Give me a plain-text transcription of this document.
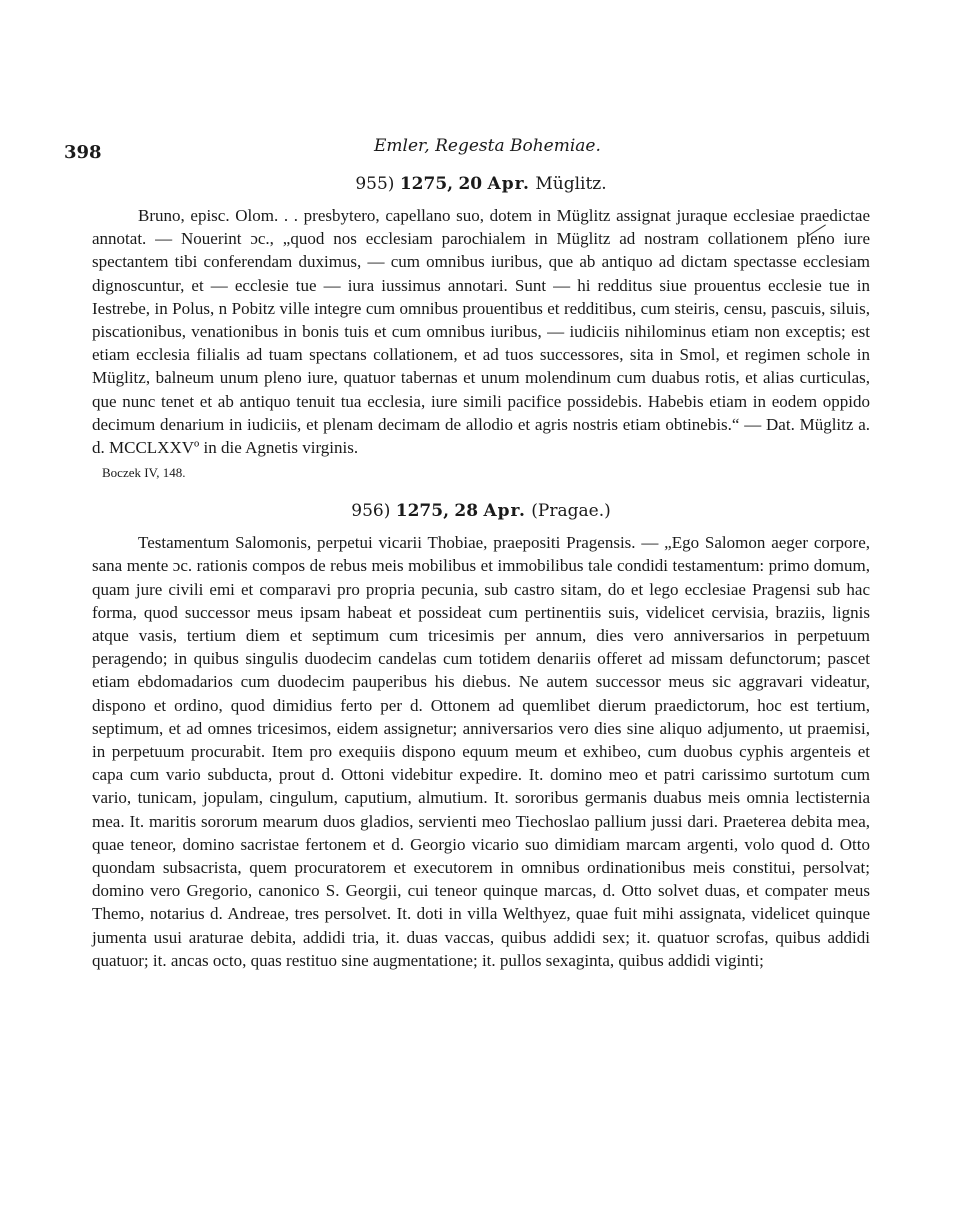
398	Emler, Regesta Bohemiae.
955) 1275, 20 Apr. Müglitz.

Bruno, episc. Olom. . . presbytero, capellano suo, dotem in Müglitz assignat juraque ecclesiae praedictae annotat. — Nouerint ɔc., „quod nos ecclesiam parochialem in Müglitz ad nostram collationem pleno iure spectantem tibi conferendam duximus, — cum omnibus iuribus, que ab antiquo ad dictam spectasse ecclesiam dignoscuntur, et — ecclesie tue — iura iussimus annotari. Sunt — hi redditus siue prouentus ecclesie tue in Iestrebe, in Polus, n Pobitz ville integre cum omnibus prouentibus et redditibus, cum steiris, censu, pascuis, siluis, piscationibus, venationibus in bonis tuis et cum omnibus iuribus, — iudiciis nihilominus etiam non exceptis; est etiam ecclesia filialis ad tuam spectans collationem, et ad tuos successores, sita in Smol, et regimen schole in Müglitz, balneum unum pleno iure, quatuor tabernas et unum molendinum cum duabus rotis, et alias curticulas, que nunc tenet et ab antiquo tenuit tua ecclesia, iure simili pacifice possidebis. Habebis etiam in eodem oppido decimum denarium in iudiciis, et plenam decimam de allodio et agris nostris etiam obtinebis.“ — Dat. Müglitz a. d. MCCLXXVº in die Agnetis virginis.

Boczek IV, 148.
956) 1275, 28 Apr. (Pragae.)

Testamentum Salomonis, perpetui vicarii Thobiae, praepositi Pragensis. — „Ego Salomon aeger corpore, sana mente ɔc. rationis compos de rebus meis mobilibus et immobilibus tale condidi testamentum: primo domum, quam jure civili emi et comparavi pro propria pecunia, sub castro sitam, do et lego ecclesiae Pragensi sub hac forma, quod successor meus ipsam habeat et possideat cum pertinentiis suis, videlicet cervisia, braziis, lignis atque vasis, tertium diem et septimum cum tricesimis per annum, dies vero anniversarios in perpetuum peragendo; in quibus singulis duodecim candelas cum totidem denariis offeret ad missam defunctorum; pascet etiam ebdomadarios cum duodecim pauperibus his diebus. Ne autem successor meus sic aggravari videatur, dispono et ordino, quod dimidius ferto per d. Ottonem ad quemlibet dierum praedictorum, hoc est tertium, septimum, et ad omnes tricesimos, eidem assignetur; anniversarios vero dies sine aliquo adjumento, ut praemisi, in perpetuum procurabit. Item pro exequiis dispono equum meum et exhibeo, cum duobus cyphis argenteis et capa cum vario subducta, prout d. Ottoni videbitur expedire. It. domino meo et patri carissimo surtotum cum vario, tunicam, jopulam, cingulum, caputium, almutium. It. sororibus germanis duabus meis omnia lectisternia mea. It. maritis sororum mearum duos gladios, servienti meo Tiechoslao pallium jussi dari. Praeterea debita mea, quae teneor, domino sacristae fertonem et d. Georgio vicario suo dimidiam marcam argenti, volo quod d. Otto quondam subsacrista, quem procuratorem et executorem in omnibus ordinationibus meis constitui, persolvat; domino vero Gregorio, canonico S. Georgii, cui teneor quinque marcas, d. Otto solvet duas, et compater meus Themo, notarius d. Andreae, tres persolvet. It. doti in villa Welthyez, quae fuit mihi assignata, videlicet quinque jumenta usui araturae debita, addidi tria, it. duas vaccas, quibus addidi sex; it. quatuor scrofas, quibus addidi quatuor; it. ancas octo, quas restituo sine augmentatione; it. pullos sexaginta, quibus addidi viginti;
